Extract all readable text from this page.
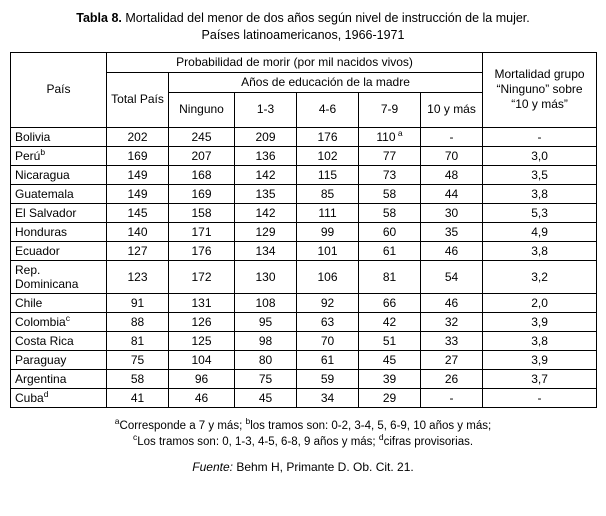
Tabla 8. Mortalidad del menor de dos años según nivel de instrucción de la mujer.
Países latinoamericanos, 1966-1971
País	Probabilidad de morir (por mil nacidos vivos)						Mortalidad grupo “Ninguno” sobre “10 y más”
	Total País	Años de educación de la madre					
		Ninguno	1-3	4-6	7-9	10 y más	
Bolivia	202	245	209	176	110 $^a$	-	-
Perú$^b$	169	207	136	102	77	70	3,0
Nicaragua	149	168	142	115	73	48	3,5
Guatemala	149	169	135	85	58	44	3,8
El Salvador	145	158	142	111	58	30	5,3
Honduras	140	171	129	99	60	35	4,9
Ecuador	127	176	134	101	61	46	3,8
Rep. Dominicana	123	172	130	106	81	54	3,2
Chile	91	131	108	92	66	46	2,0
Colombia$^c$	88	126	95	63	42	32	3,9
Costa Rica	81	125	98	70	51	33	3,8
Paraguay	75	104	80	61	45	27	3,9
Argentina	58	96	75	59	39	26	3,7
Cuba$^d$	41	46	45	34	29	-	-
$^a$Corresponde a 7 y más; $^b$los tramos son: 0-2, 3-4, 5, 6-9, 10 años y más;
$^c$Los tramos son: 0, 1-3, 4-5, 6-8, 9 años y más; $^d$cifras provisorias.
Fuente: Behm H, Primante D. Ob. Cit. 21.
